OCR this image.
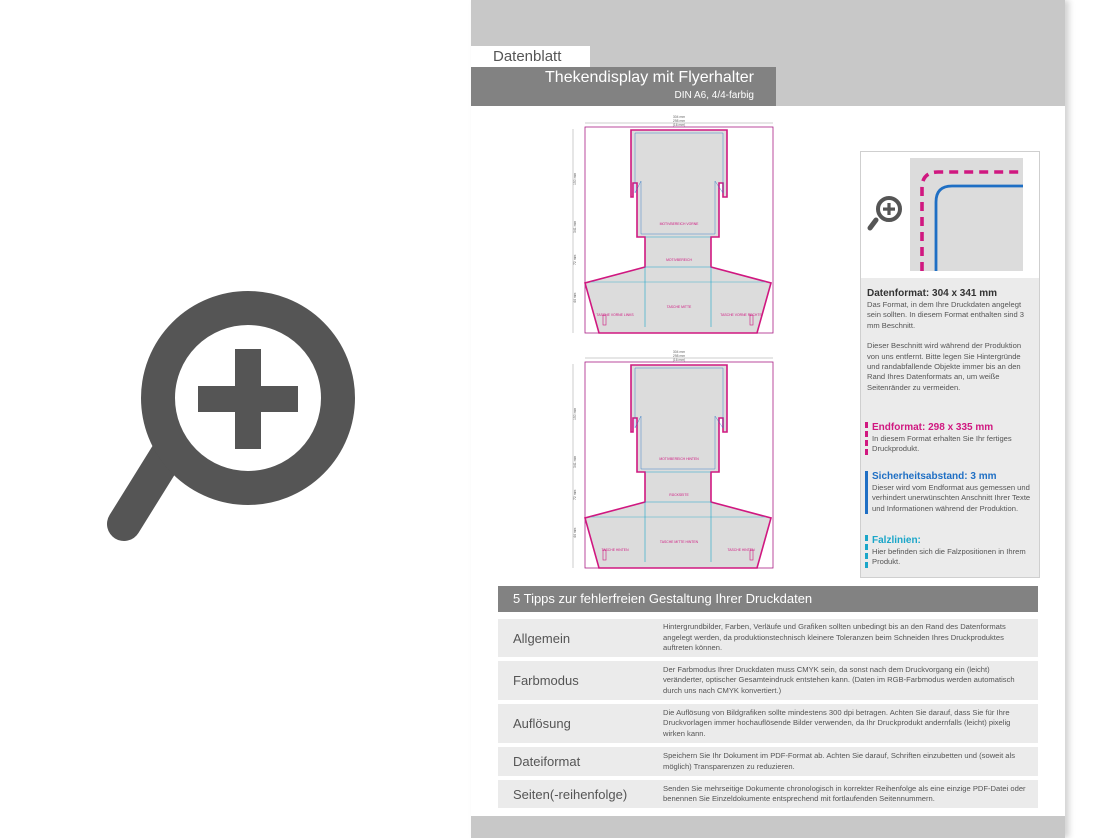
Datenblatt
Thekendisplay mit Flyerhalter
DIN A6, 4/4-farbig
304 mm
298 mm
(16 mm)
150 mm
341 mm
72 mm
44 mm
MOTIVBEREICH VORNE
MOTIVBEREICH
TASCHE VORNE LINKS
TASCHE MITTE
TASCHE VORNE RECHTS
304 mm
298 mm
(16 mm)
150 mm
341 mm
72 mm
44 mm
MOTIVBEREICH HINTEN
RÜCKSEITE
TASCHE HINTEN
TASCHE MITTE HINTEN
TASCHE HINTEN
Datenformat: 304 x 341 mm
Das Format, in dem Ihre Druckdaten angelegt sein sollten. In diesem Format enthalten sind 3 mm Beschnitt.
Dieser Beschnitt wird während der Produktion von uns entfernt. Bitte legen Sie Hintergründe und randabfallende Objekte immer bis an den Rand Ihres Datenformats an, um weiße Seitenränder zu vermeiden.
Endformat: 298 x 335 mm
In diesem Format erhalten Sie Ihr fertiges Druckprodukt.
Sicherheitsabstand: 3 mm
Dieser wird vom Endformat aus gemessen und verhindert unerwünschten Anschnitt Ihrer Texte und Informationen während der Produktion.
Falzlinien:
Hier befinden sich die Falzpositionen in Ihrem Produkt.
5 Tipps zur fehlerfreien Gestaltung Ihrer Druckdaten
Allgemein
Hintergrundbilder, Farben, Verläufe und Grafiken sollten unbedingt bis an den Rand des Datenformats angelegt werden, da produktionstechnisch kleinere Toleranzen beim Schneiden Ihres Druckproduktes auftreten können.
Farbmodus
Der Farbmodus Ihrer Druckdaten muss CMYK sein, da sonst nach dem Druckvorgang ein (leicht) veränderter, optischer Gesamteindruck entstehen kann. (Daten im RGB-Farbmodus werden automatisch durch uns nach CMYK konvertiert.)
Auflösung
Die Auflösung von Bildgrafiken sollte mindestens 300 dpi betragen. Achten Sie darauf, dass Sie für Ihre Druckvorlagen immer hochauflösende Bilder verwenden, da Ihr Druckprodukt andernfalls (leicht) pixelig wirken kann.
Dateiformat	Speichern Sie Ihr Dokument im PDF-Format ab. Achten Sie darauf, Schriften einzubetten und (soweit als möglich) Transparenzen zu reduzieren.
Seiten(-reihenfolge)	Senden Sie mehrseitige Dokumente chronologisch in korrekter Reihenfolge als eine einzige PDF-Datei oder benennen Sie Einzeldokumente entsprechend mit fortlaufenden Seitennummern.
